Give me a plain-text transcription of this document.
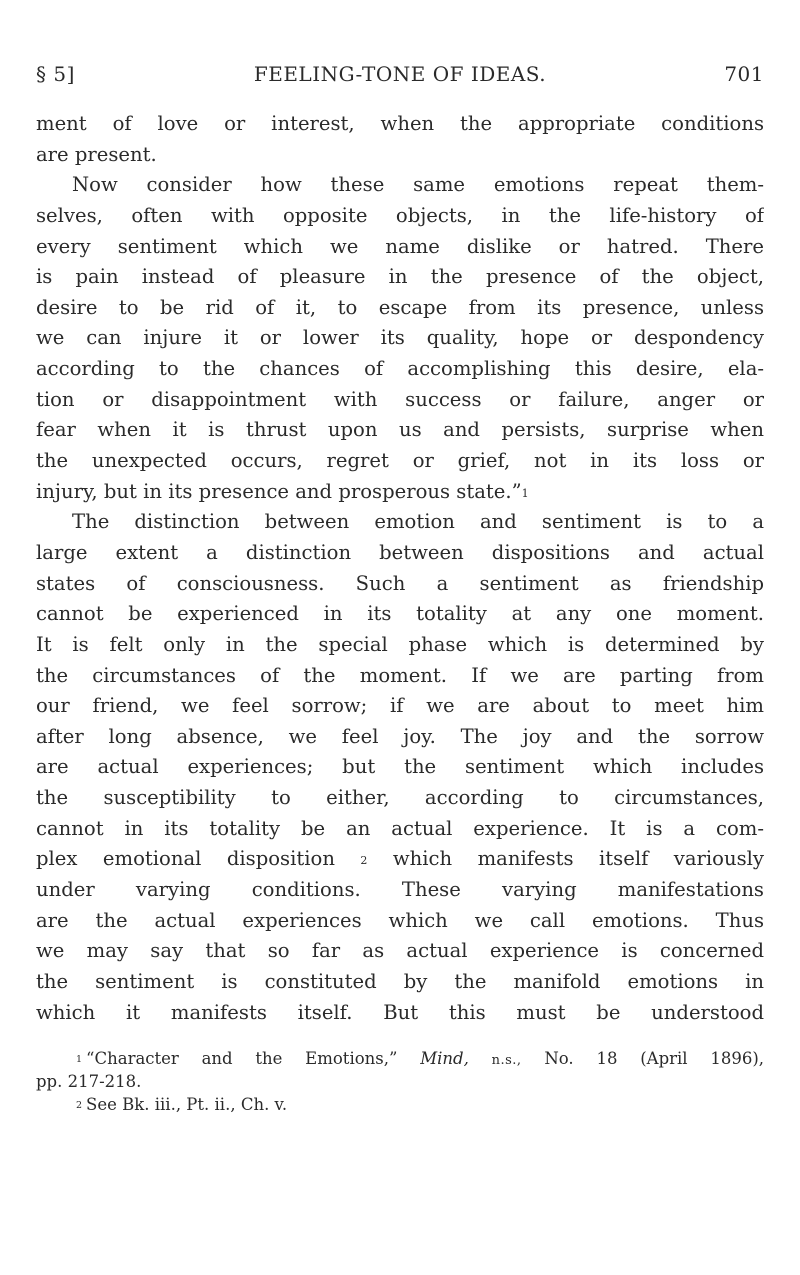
§ 5]	FEELING-TONE OF IDEAS.	701
ment of love or interest, when the appropriate conditions
are present.
Now consider how these same emotions repeat them-
selves, often with opposite objects, in the life-history of
every sentiment which we name dislike or hatred. There
is pain instead of pleasure in the presence of the object,
desire to be rid of it, to escape from its presence, unless
we can injure it or lower its quality, hope or despondency
according to the chances of accomplishing this desire, ela-
tion or disappointment with success or failure, anger or
fear when it is thrust upon us and persists, surprise when
the unexpected occurs, regret or grief, not in its loss or
injury, but in its presence and prosperous state.”$^1$
The distinction between emotion and sentiment is to a
large extent a distinction between dispositions and actual
states of consciousness. Such a sentiment as friendship
cannot be experienced in its totality at any one moment.
It is felt only in the special phase which is determined by
the circumstances of the moment. If we are parting from
our friend, we feel sorrow; if we are about to meet him
after long absence, we feel joy. The joy and the sorrow
are actual experiences; but the sentiment which includes
the susceptibility to either, according to circumstances,
cannot in its totality be an actual experience. It is a com-
plex emotional disposition $^2$ which manifests itself variously
under varying conditions. These varying manifestations
are the actual experiences which we call emotions. Thus
we may say that so far as actual experience is concerned
the sentiment is constituted by the manifold emotions in
which it manifests itself. But this must be understood
$^1$ “Character and the Emotions,” Mind, n.s., No. 18 (April 1896),
pp. 217-218.
$^2$ See Bk. iii., Pt. ii., Ch. v.
